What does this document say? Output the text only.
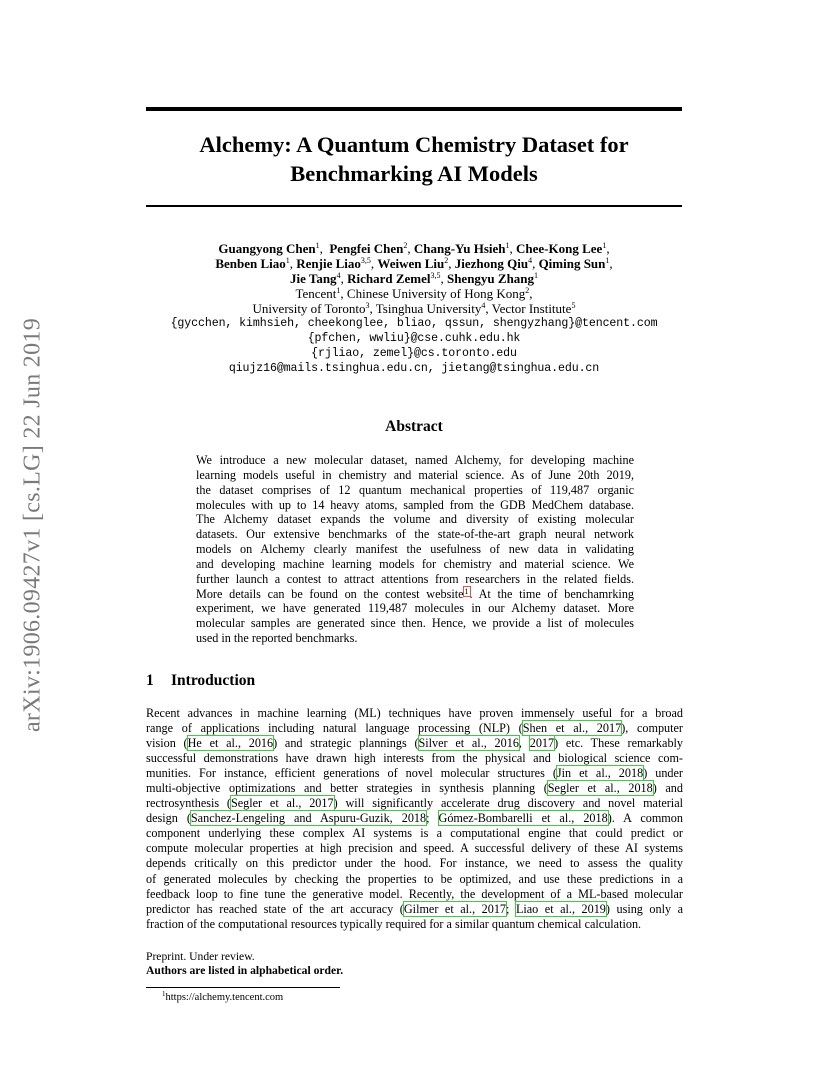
arXiv:1906.09427v1 [cs.LG] 22 Jun 2019
Alchemy: A Quantum Chemistry Dataset for
Benchmarking AI Models
Guangyong Chen$^1$,  Pengfei Chen$^2$, Chang-Yu Hsieh$^1$, Chee-Kong Lee$^1$,
Benben Liao$^1$, Renjie Liao$^{3,5}$, Weiwen Liu$^2$, Jiezhong Qiu$^4$, Qiming Sun$^1$,
Jie Tang$^4$, Richard Zemel$^{3,5}$, Shengyu Zhang$^1$
Tencent$^1$, Chinese University of Hong Kong$^2$,
University of Toronto$^3$, Tsinghua University$^4$, Vector Institute$^5$
{gycchen, kimhsieh, cheekonglee, bliao, qssun, shengyzhang}@tencent.com
{pfchen, wwliu}@cse.cuhk.edu.hk
{rjliao, zemel}@cs.toronto.edu
qiujz16@mails.tsinghua.edu.cn, jietang@tsinghua.edu.cn
Abstract
We introduce a new molecular dataset, named Alchemy, for developing machine
learning models useful in chemistry and material science. As of June 20th 2019,
the dataset comprises of 12 quantum mechanical properties of 119,487 organic
molecules with up to 14 heavy atoms, sampled from the GDB MedChem database.
The Alchemy dataset expands the volume and diversity of existing molecular
datasets. Our extensive benchmarks of the state-of-the-art graph neural network
models on Alchemy clearly manifest the usefulness of new data in validating
and developing machine learning models for chemistry and material science. We
further launch a contest to attract attentions from researchers in the related fields.
More details can be found on the contest website$^1$. At the time of benchamrking
experiment, we have generated 119,487 molecules in our Alchemy dataset. More
molecular samples are generated since then. Hence, we provide a list of molecules
used in the reported benchmarks.
1 Introduction
Recent advances in machine learning (ML) techniques have proven immensely useful for a broad
range of applications including natural language processing (NLP) (Shen et al., 2017), computer
vision (He et al., 2016) and strategic plannings (Silver et al., 2016, 2017) etc. These remarkably
successful demonstrations have drawn high interests from the physical and biological science com-
munities. For instance, efficient generations of novel molecular structures (Jin et al., 2018) under
multi-objective optimizations and better strategies in synthesis planning (Segler et al., 2018) and
rectrosynthesis (Segler et al., 2017) will significantly accelerate drug discovery and novel material
design (Sanchez-Lengeling and Aspuru-Guzik, 2018; Gómez-Bombarelli et al., 2018). A common
component underlying these complex AI systems is a computational engine that could predict or
compute molecular properties at high precision and speed. A successful delivery of these AI systems
depends critically on this predictor under the hood. For instance, we need to assess the quality
of generated molecules by checking the properties to be optimized, and use these predictions in a
feedback loop to fine tune the generative model. Recently, the development of a ML-based molecular
predictor has reached state of the art accuracy (Gilmer et al., 2017; Liao et al., 2019) using only a
fraction of the computational resources typically required for a similar quantum chemical calculation.
Preprint. Under review.
Authors are listed in alphabetical order.
$^1$https://alchemy.tencent.com
